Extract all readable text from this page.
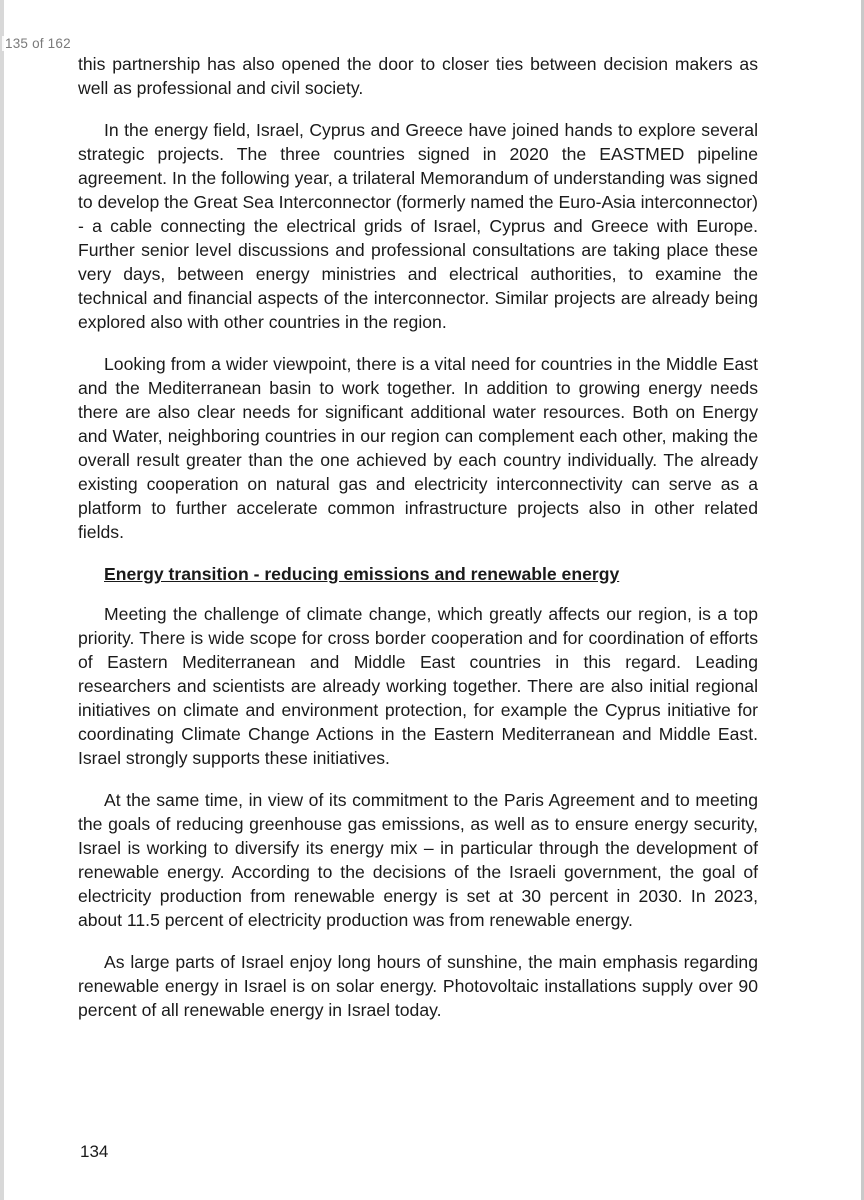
135 of 162

this partnership has also opened the door to closer ties between decision makers as well as professional and civil society.

In the energy field, Israel, Cyprus and Greece have joined hands to explore several strategic projects. The three countries signed in 2020 the EASTMED pipeline agreement. In the following year, a trilateral Memorandum of understanding was signed to develop the Great Sea Interconnector (formerly named the Euro-Asia interconnector) - a cable connecting the electrical grids of Israel, Cyprus and Greece with Europe. Further senior level discussions and professional consultations are taking place these very days, between energy ministries and electrical authorities, to examine the technical and financial aspects of the interconnector. Similar projects are already being explored also with other countries in the region.

Looking from a wider viewpoint, there is a vital need for countries in the Middle East and the Mediterranean basin to work together. In addition to growing energy needs there are also clear needs for significant additional water resources. Both on Energy and Water, neighboring countries in our region can complement each other, making the overall result greater than the one achieved by each country individually. The already existing cooperation on natural gas and electricity interconnectivity can serve as a platform to further accelerate common infrastructure projects also in other related fields.

Energy transition - reducing emissions and renewable energy

Meeting the challenge of climate change, which greatly affects our region, is a top priority. There is wide scope for cross border cooperation and for coordination of efforts of Eastern Mediterranean and Middle East countries in this regard. Leading researchers and scientists are already working together. There are also initial regional initiatives on climate and environment protection, for example the Cyprus initiative for coordinating Climate Change Actions in the Eastern Mediterranean and Middle East. Israel strongly supports these initiatives.

At the same time, in view of its commitment to the Paris Agreement and to meeting the goals of reducing greenhouse gas emissions, as well as to ensure energy security, Israel is working to diversify its energy mix – in particular through the development of renewable energy. According to the decisions of the Israeli government, the goal of electricity production from renewable energy is set at 30 percent in 2030. In 2023, about 11.5 percent of electricity production was from renewable energy.

As large parts of Israel enjoy long hours of sunshine, the main emphasis regarding renewable energy in Israel is on solar energy. Photovoltaic installations supply over 90 percent of all renewable energy in Israel today.

134
